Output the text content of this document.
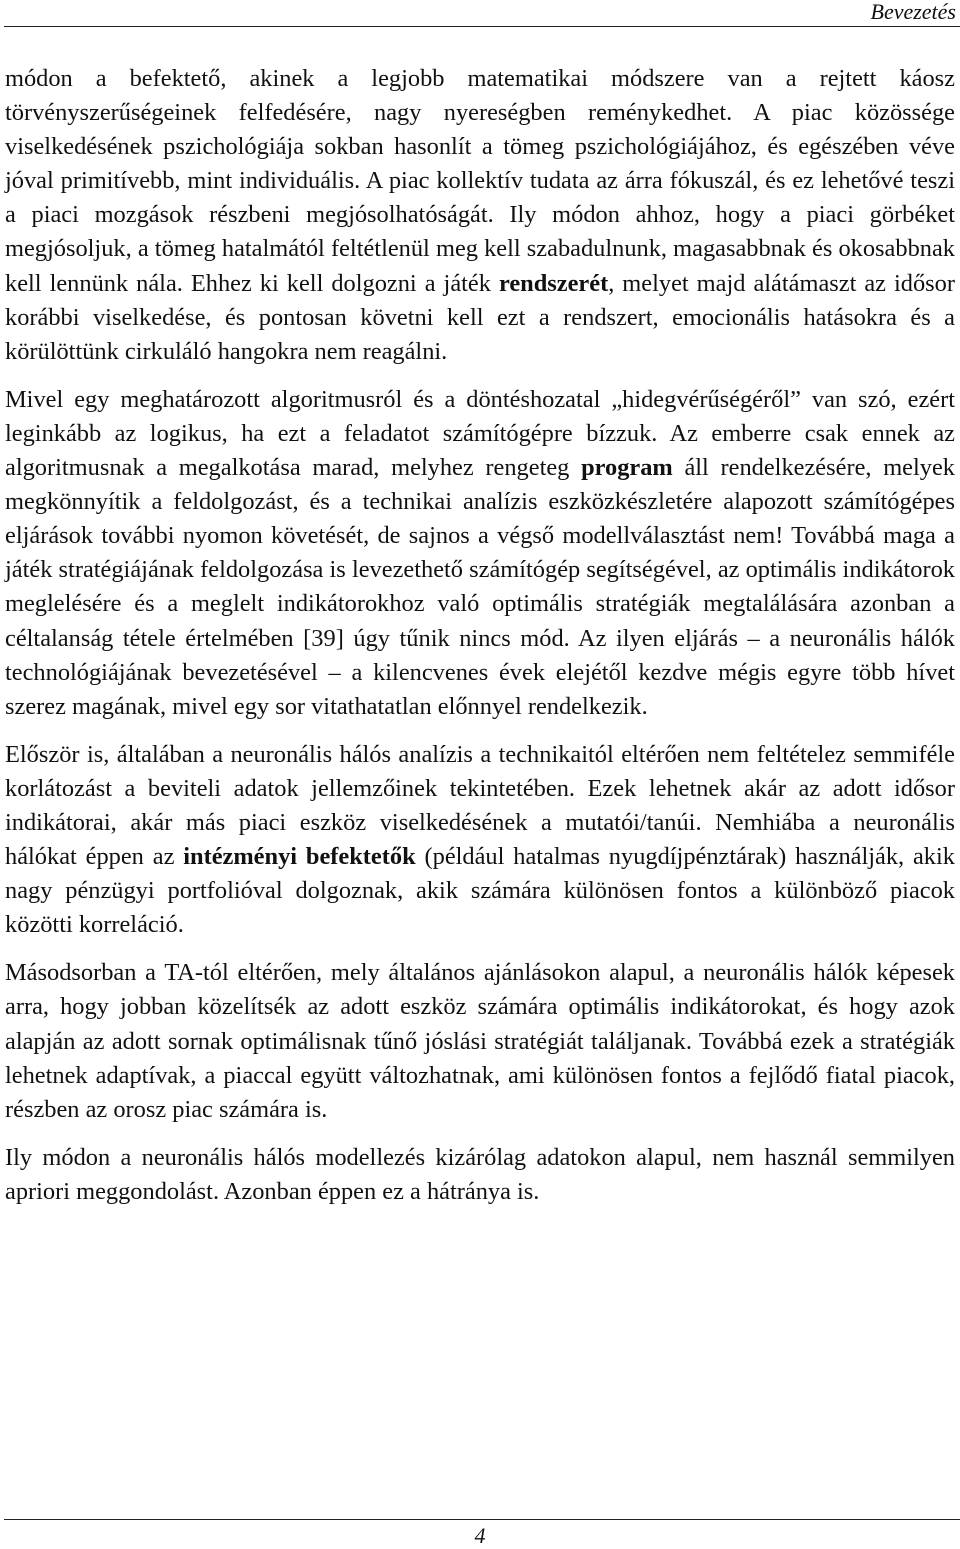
Bevezetés

módon a befektető, akinek a legjobb matematikai módszere van a rejtett káosz törvényszerűségeinek felfedésére, nagy nyereségben reménykedhet. A piac közössége viselkedésének pszichológiája sokban hasonlít a tömeg pszichológiájához, és egészében véve jóval primitívebb, mint individuális. A piac kollektív tudata az árra fókuszál, és ez lehetővé teszi a piaci mozgások részbeni megjósolhatóságát. Ily módon ahhoz, hogy a piaci görbéket megjósoljuk, a tömeg hatalmától feltétlenül meg kell szabadulnunk, magasabbnak és okosabbnak kell lennünk nála. Ehhez ki kell dolgozni a játék rendszerét, melyet majd alátámaszt az idősor korábbi viselkedése, és pontosan követni kell ezt a rendszert, emocionális hatásokra és a körülöttünk cirkuláló hangokra nem reagálni.

Mivel egy meghatározott algoritmusról és a döntéshozatal „hidegvérűségéről” van szó, ezért leginkább az logikus, ha ezt a feladatot számítógépre bízzuk. Az emberre csak ennek az algoritmusnak a megalkotása marad, melyhez rengeteg program áll rendelkezésére, melyek megkönnyítik a feldolgozást, és a technikai analízis eszközkészletére alapozott számítógépes eljárások további nyomon követését, de sajnos a végső modellválasztást nem! Továbbá maga a játék stratégiájának feldolgozása is levezethető számítógép segítségével, az optimális indikátorok meglelésére és a meglelt indikátorokhoz való optimális stratégiák megtalálására azonban a céltalanság tétele értelmében [39] úgy tűnik nincs mód. Az ilyen eljárás – a neuronális hálók technológiájának bevezetésével – a kilencvenes évek elejétől kezdve mégis egyre több hívet szerez magának, mivel egy sor vitathatatlan előnnyel rendelkezik.

Először is, általában a neuronális hálós analízis a technikaitól eltérően nem feltételez semmiféle korlátozást a beviteli adatok jellemzőinek tekintetében. Ezek lehetnek akár az adott idősor indikátorai, akár más piaci eszköz viselkedésének a mutatói/tanúi. Nemhiába a neuronális hálókat éppen az intézményi befektetők (például hatalmas nyugdíjpénztárak) használják, akik nagy pénzügyi portfolióval dolgoznak, akik számára különösen fontos a különböző piacok közötti korreláció.

Másodsorban a TA-tól eltérően, mely általános ajánlásokon alapul, a neuronális hálók képesek arra, hogy jobban közelítsék az adott eszköz számára optimális indikátorokat, és hogy azok alapján az adott sornak optimálisnak tűnő jóslási stratégiát találjanak. Továbbá ezek a stratégiák lehetnek adaptívak, a piaccal együtt változhatnak, ami különösen fontos a fejlődő fiatal piacok, részben az orosz piac számára is.

Ily módon a neuronális hálós modellezés kizárólag adatokon alapul, nem használ semmilyen apriori meggondolást. Azonban éppen ez a hátránya is.

4
